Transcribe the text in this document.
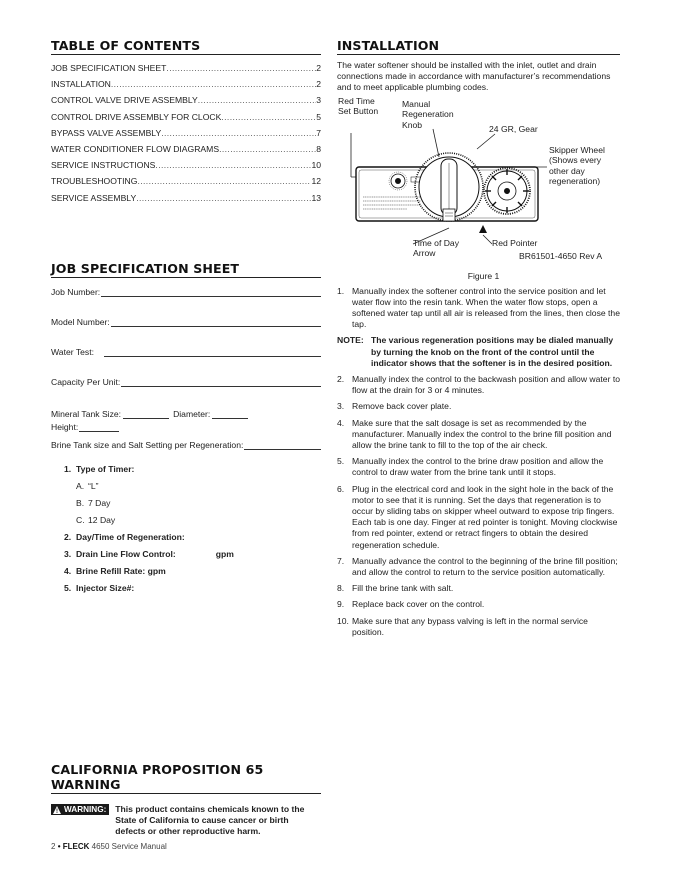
TABLE OF CONTENTS
JOB SPECIFICATION SHEET .....	2
INSTALLATION .....	2
CONTROL VALVE DRIVE ASSEMBLY .....	3
CONTROL DRIVE ASSEMBLY FOR CLOCK .....	5
BYPASS VALVE ASSEMBLY .....	7
WATER CONDITIONER FLOW DIAGRAMS .....	8
SERVICE INSTRUCTIONS .....	10
TROUBLESHOOTING .....	12
SERVICE ASSEMBLY .....	13
JOB SPECIFICATION SHEET
Job Number:
Model Number:
Water Test:
Capacity Per Unit:
Mineral Tank Size:	Diameter:
Height:
Brine Tank size and Salt Setting per Regeneration:
1. Type of Timer:
A. “L”
B. 7 Day
C. 12 Day
2. Day/Time of Regeneration:
3. Drain Line Flow Control:	gpm
4. Brine Refill Rate: gpm
5. Injector Size#:
CALIFORNIA PROPOSITION 65 WARNING
! WARNING: This product contains chemicals known to the State of California to cause cancer or birth defects or other reproductive harm.
2 • FLECK 4650 Service Manual
INSTALLATION
The water softener should be installed with the inlet, outlet and drain connections made in accordance with manufacturer’s recommendations and to meet applicable plumbing codes.
Red Time Set Button
Manual Regeneration Knob	24 GR, Gear
Skipper Wheel (Shows every other day regeneration)
Time of Day Arrow
Red Pointer
BR61501-4650 Rev A
Figure 1
1. Manually index the softener control into the service position and let water flow into the resin tank. When the water flow stops, open a softened water tap until all air is released from the lines, then close the tap.
NOTE: The various regeneration positions may be dialed manually by turning the knob on the front of the control until the indicator shows that the softener is in the desired position.
2. Manually index the control to the backwash position and allow water to flow at the drain for 3 or 4 minutes.
3. Remove back cover plate.
4. Make sure that the salt dosage is set as recommended by the manufacturer. Manually index the control to the brine fill position and allow the brine tank to fill to the top of the air check.
5. Manually index the control to the brine draw position and allow the control to draw water from the brine tank until it stops.
6. Plug in the electrical cord and look in the sight hole in the back of the motor to see that it is running. Set the days that regeneration is to occur by sliding tabs on skipper wheel outward to expose trip fingers. Each tab is one day. Finger at red pointer is tonight. Moving clockwise from red pointer, extend or retract fingers to obtain the desired regeneration schedule.
7. Manually advance the control to the beginning of the brine fill position; and allow the control to return to the service position automatically.
8. Fill the brine tank with salt.
9. Replace back cover on the control.
10. Make sure that any bypass valving is left in the normal service position.
